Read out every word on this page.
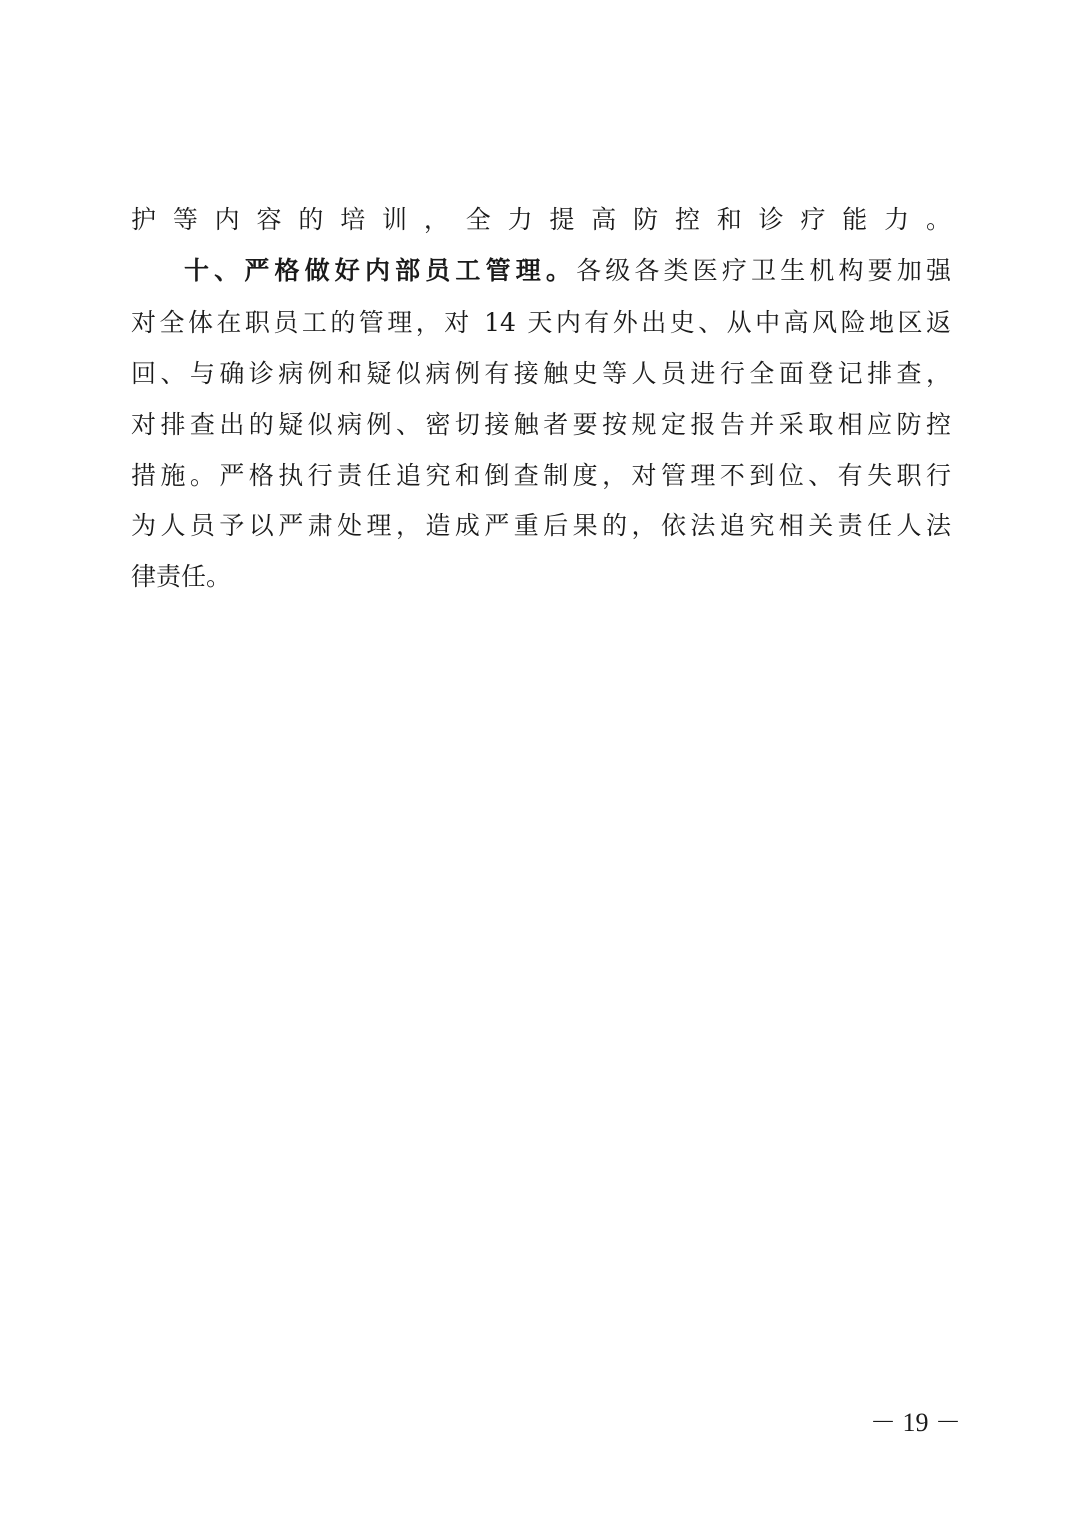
护等内容的培训，全力提高防控和诊疗能力。
十、严格做好内部员工管理。各级各类医疗卫生机构要加强
对全体在职员工的管理，对 14 天内有外出史、从中高风险地区返
回、与确诊病例和疑似病例有接触史等人员进行全面登记排查，
对排查出的疑似病例、密切接触者要按规定报告并采取相应防控
措施。严格执行责任追究和倒查制度，对管理不到位、有失职行
为人员予以严肃处理，造成严重后果的，依法追究相关责任人法
律责任。
－ 19 －
